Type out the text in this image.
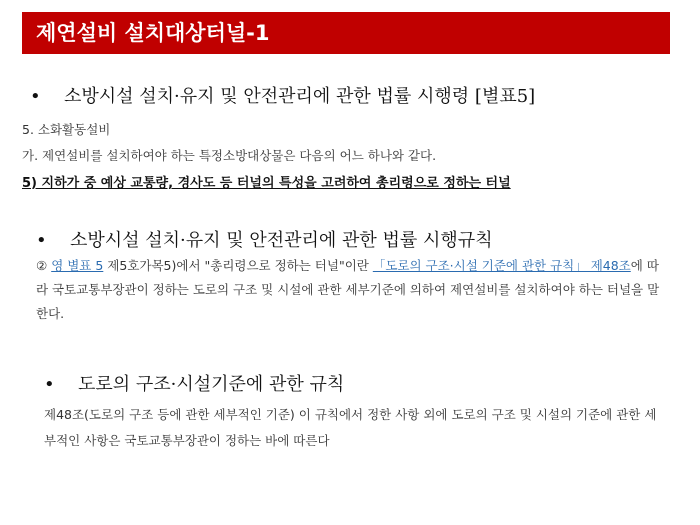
제연설비 설치대상터널-1
• 소방시설 설치·유지 및 안전관리에 관한 법률 시행령 [별표5]
5. 소화활동설비
가. 제연설비를 설치하여야 하는 특정소방대상물은 다음의 어느 하나와 같다.
5) 지하가 중 예상 교통량, 경사도 등 터널의 특성을 고려하여 총리령으로 정하는 터널
• 소방시설 설치·유지 및 안전관리에 관한 법률 시행규칙
② 영 별표 5 제5호가목5)에서 "총리령으로 정하는 터널"이란 「도로의 구조·시설 기준에 관한 규칙」 제48조에 따라 국토교통부장관이 정하는 도로의 구조 및 시설에 관한 세부기준에 의하여 제연설비를 설치하여야 하는 터널을 말한다.
• 도로의 구조·시설기준에 관한 규칙
제48조(도로의 구조 등에 관한 세부적인 기준) 이 규칙에서 정한 사항 외에 도로의 구조 및 시설의 기준에 관한 세부적인 사항은 국토교통부장관이 정하는 바에 따른다
